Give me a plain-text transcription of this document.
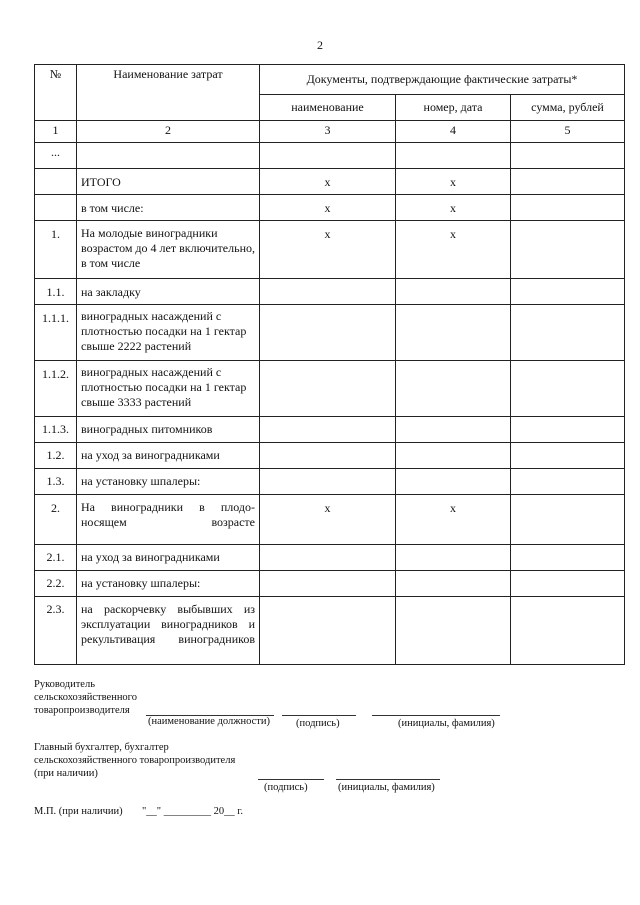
2
№	Наименование затрат	Документы, подтверждающие фактические затраты*		
		наименование	номер, дата	сумма, рублей
1	2	3	4	5
...				
	ИТОГО	x	x	
	в том числе:	x	x	
1.	На молодые виноградники возрастом до 4 лет включительно, в том числе	x	x	
1.1.	на закладку			
1.1.1.	виноградных насаждений с плотностью посадки на 1 гектар свыше 2222 растений			
1.1.2.	виноградных насаждений с плотностью посадки на 1 гектар свыше 3333 растений			
1.1.3.	виноградных питомников			
1.2.	на уход за виноградниками			
1.3.	на установку шпалеры:			
2.	На виноградники в плодо-носящем возрасте	x	x	
2.1.	на уход за виноградниками			
2.2.	на установку шпалеры:			
2.3.	на раскорчевку выбывших из эксплуатации виноградников и рекультивация виноградников			
Руководитель
сельскохозяйственного
товаропроизводителя
(наименование должности) (подпись)	(инициалы, фамилия)
Главный бухгалтер, бухгалтер
сельскохозяйственного товаропроизводителя
(при наличии)
(подпись)	(инициалы, фамилия)
М.П. (при наличии) "__" _________ 20__ г.
